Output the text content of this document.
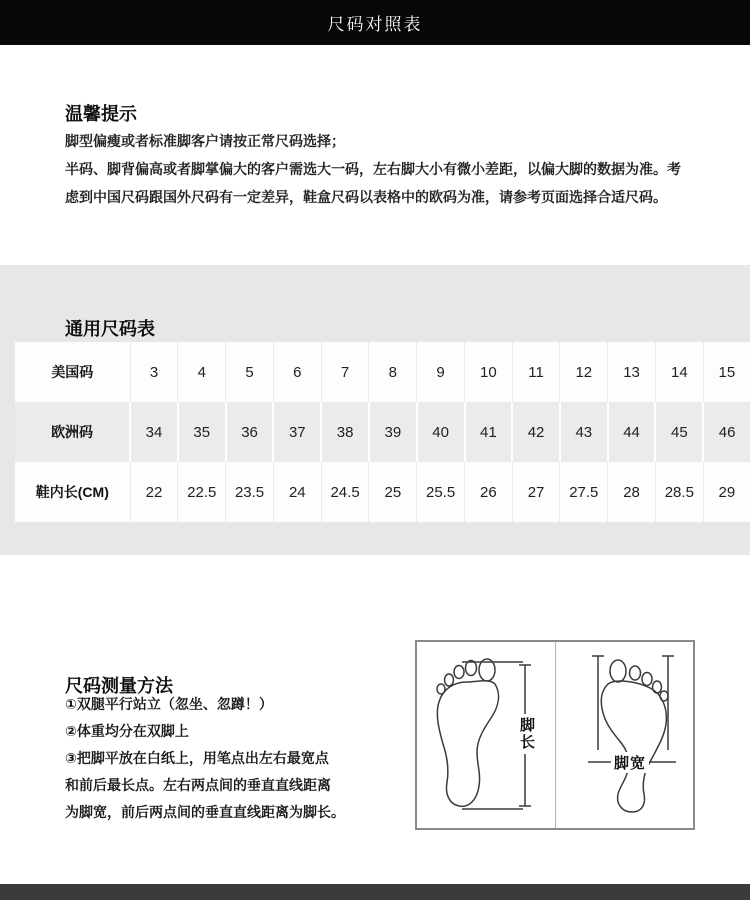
尺码对照表
温馨提示

脚型偏瘦或者标准脚客户请按正常尺码选择；

半码、脚背偏高或者脚掌偏大的客户需选大一码，左右脚大小有微小差距，以偏大脚的数据为准。考虑到中国尺码跟国外尺码有一定差异，鞋盒尺码以表格中的欧码为准，请参考页面选择合适尺码。

通用尺码表
美国码	3	4	5	6	7	8	9	10	11	12	13	14	15
欧洲码	34	35	36	37	38	39	40	41	42	43	44	45	46
鞋内长(CM)	22	22.5	23.5	24	24.5	25	25.5	26	27	27.5	28	28.5	29
尺码测量方法
①双腿平行站立（忽坐、忽蹲！）
②体重均分在双脚上
③把脚平放在白纸上，用笔点出左右最宽点
和前后最长点。左右两点间的垂直直线距离
为脚宽，前后两点间的垂直直线距离为脚长。
脚长
脚宽
